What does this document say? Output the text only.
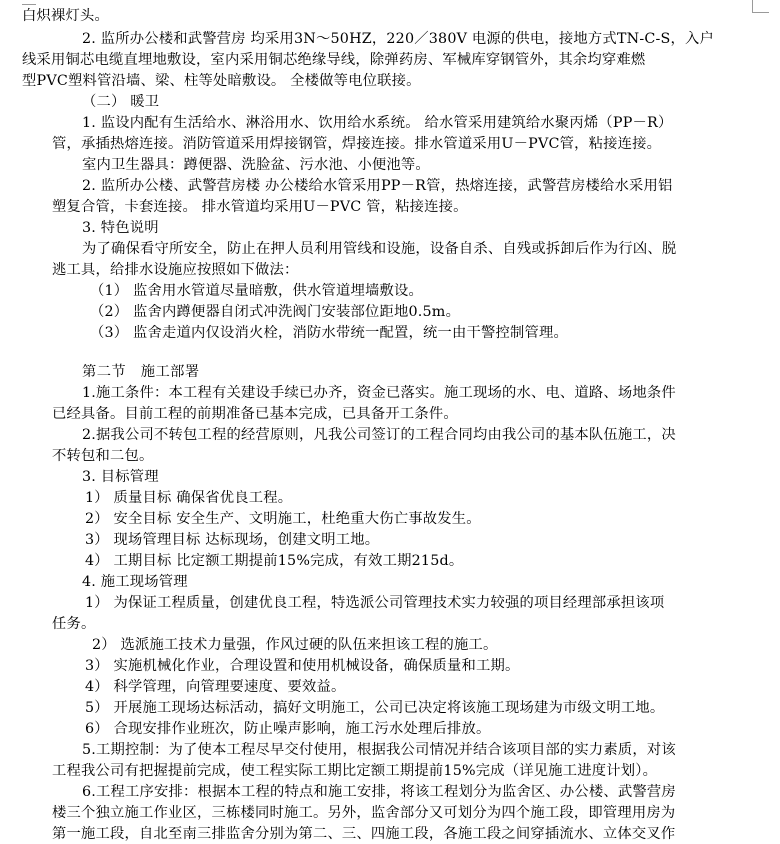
白炽裸灯头。
2. 监所办公楼和武警营房 均采用3N～50HZ，220／380V 电源的供电，接地方式TN-C-S，入户
线采用铜芯电缆直埋地敷设，室内采用铜芯绝缘导线，除弹药房、军械库穿钢管外，其余均穿难燃
型PVC塑料管沿墙、梁、柱等处暗敷设。 全楼做等电位联接。
（二） 暖卫
1. 监设内配有生活给水、淋浴用水、饮用给水系统。 给水管采用建筑给水聚丙烯（PP－R）
管，承插热熔连接。消防管道采用焊接钢管，焊接连接。排水管道采用U－PVC管，粘接连接。
室内卫生器具：蹲便器、洗脸盆、污水池、小便池等。
2. 监所办公楼、武警营房楼 办公楼给水管采用PP－R管，热熔连接，武警营房楼给水采用铝
塑复合管，卡套连接。 排水管道均采用U－PVC 管，粘接连接。
3. 特色说明
为了确保看守所安全，防止在押人员利用管线和设施，设备自杀、自残或拆卸后作为行凶、脱
逃工具，给排水设施应按照如下做法：
（1） 监舍用水管道尽量暗敷，供水管道埋墙敷设。
（2） 监舍内蹲便器自闭式冲洗阀门安装部位距地0.5m。
（3） 监舍走道内仅设消火栓，消防水带统一配置，统一由干警控制管理。
第二节　施工部署
1.施工条件：本工程有关建设手续已办齐，资金已落实。施工现场的水、电、道路、场地条件
已经具备。目前工程的前期准备已基本完成，已具备开工条件。
2.据我公司不转包工程的经营原则，凡我公司签订的工程合同均由我公司的基本队伍施工，决
不转包和二包。
3. 目标管理
1） 质量目标 确保省优良工程。
2） 安全目标 安全生产、文明施工，杜绝重大伤亡事故发生。
3） 现场管理目标 达标现场，创建文明工地。
4） 工期目标 比定额工期提前15%完成，有效工期215d。
4. 施工现场管理
1） 为保证工程质量，创建优良工程，特选派公司管理技术实力较强的项目经理部承担该项
任务。
2） 选派施工技术力量强，作风过硬的队伍来担该工程的施工。
3） 实施机械化作业，合理设置和使用机械设备，确保质量和工期。
4） 科学管理，向管理要速度、要效益。
5） 开展施工现场达标活动，搞好文明施工，公司已决定将该施工现场建为市级文明工地。
6） 合现安排作业班次，防止噪声影响，施工污水处理后排放。
5.工期控制：为了使本工程尽早交付使用，根据我公司情况并结合该项目部的实力素质，对该
工程我公司有把握提前完成，使工程实际工期比定额工期提前15%完成（详见施工进度计划）。
6.工程工序安排：根据本工程的特点和施工安排，将该工程划分为监舍区、办公楼、武警营房
楼三个独立施工作业区，三栋楼同时施工。另外，监舍部分又可划分为四个施工段，即管理用房为
第一施工段，自北至南三排监舍分别为第二、三、四施工段，各施工段之间穿插流水、立体交叉作
